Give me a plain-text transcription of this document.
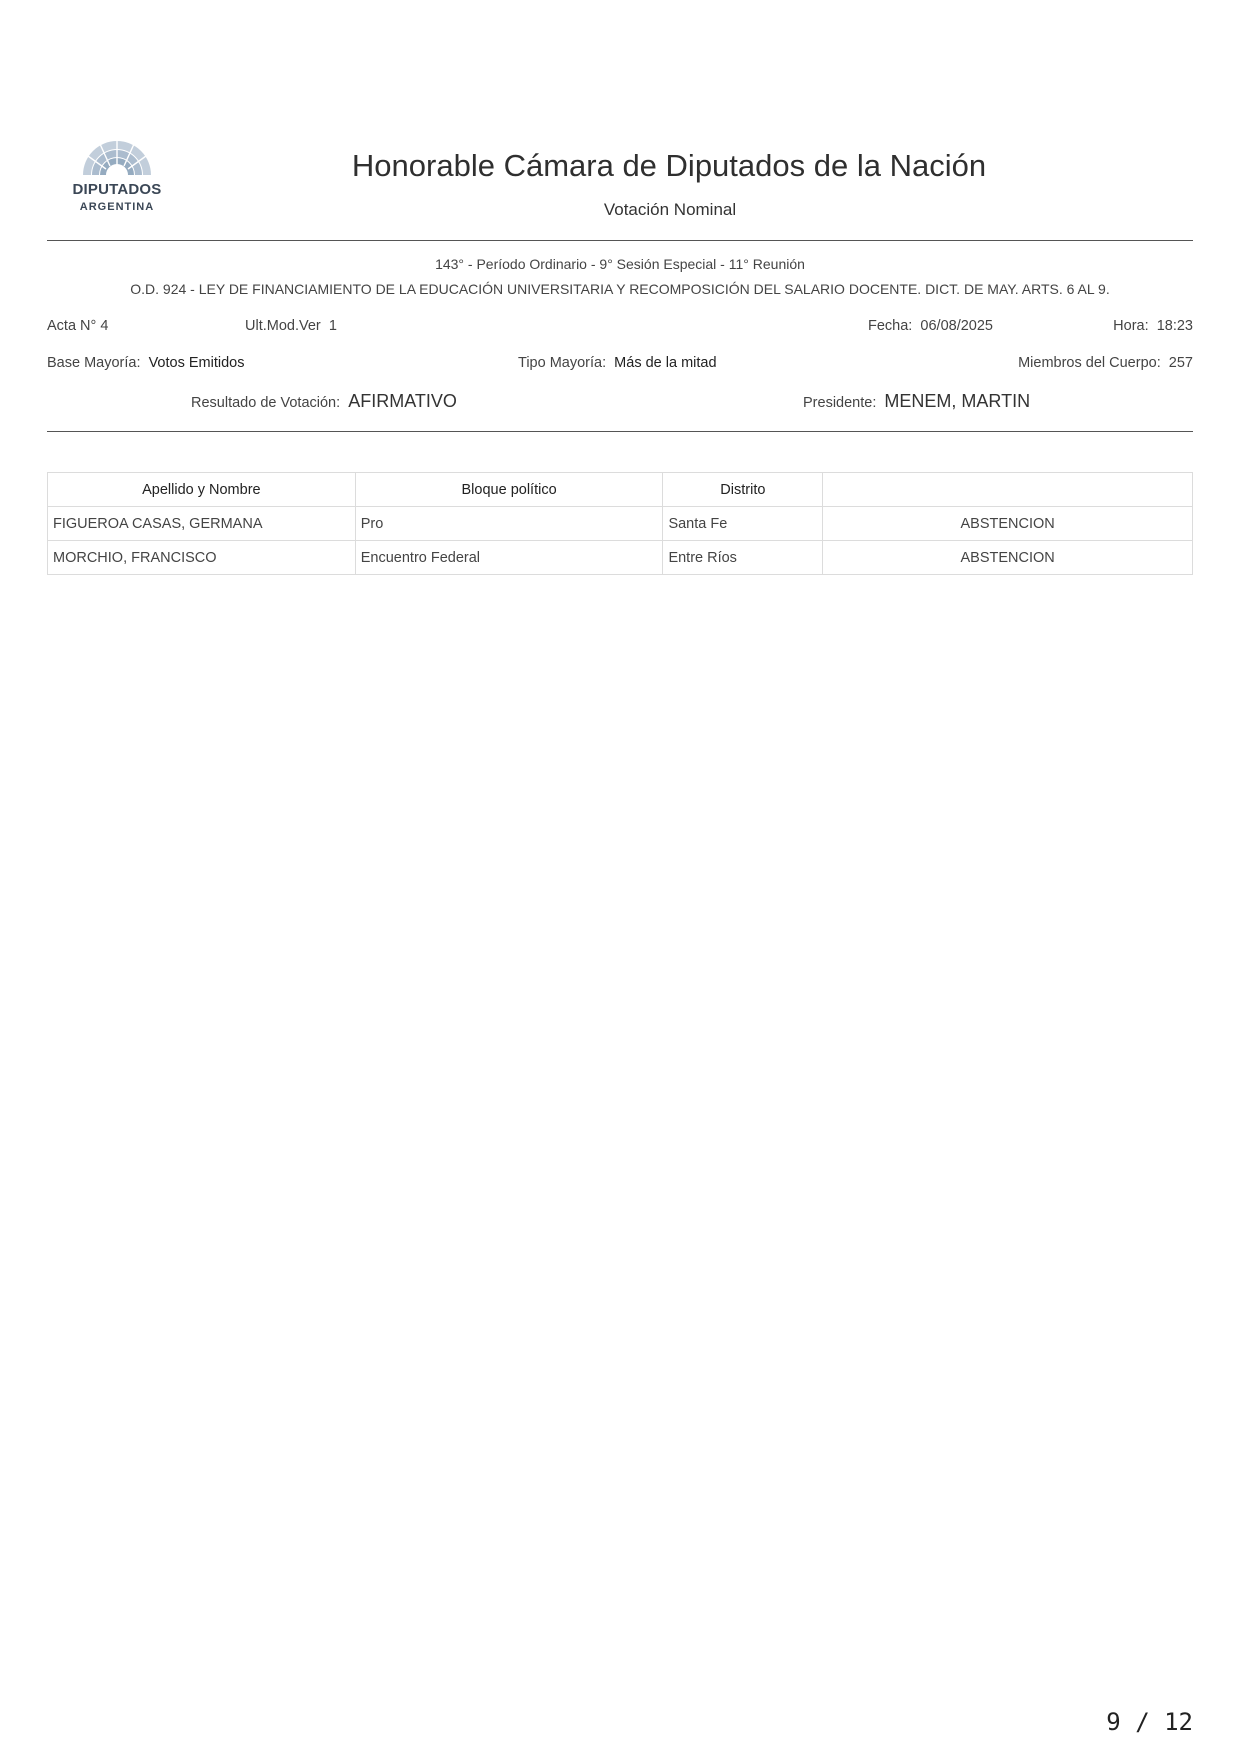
DIPUTADOS
ARGENTINA
Honorable Cámara de Diputados de la Nación
Votación Nominal
143° - Período Ordinario - 9° Sesión Especial - 11° Reunión
O.D. 924 - LEY DE FINANCIAMIENTO DE LA EDUCACIÓN UNIVERSITARIA Y RECOMPOSICIÓN DEL SALARIO DOCENTE. DICT. DE MAY. ARTS. 6 AL 9.
Acta N° 4	Ult.Mod.Ver 1	Fecha: 06/08/2025	Hora: 18:23
Base Mayoría: Votos Emitidos	Tipo Mayoría: Más de la mitad	Miembros del Cuerpo: 257
Resultado de Votación: AFIRMATIVO	Presidente: MENEM, MARTIN
Apellido y Nombre	Bloque político	Distrito	
FIGUEROA CASAS, GERMANA	Pro	Santa Fe	ABSTENCION
MORCHIO, FRANCISCO	Encuentro Federal	Entre Ríos	ABSTENCION
9 / 12
